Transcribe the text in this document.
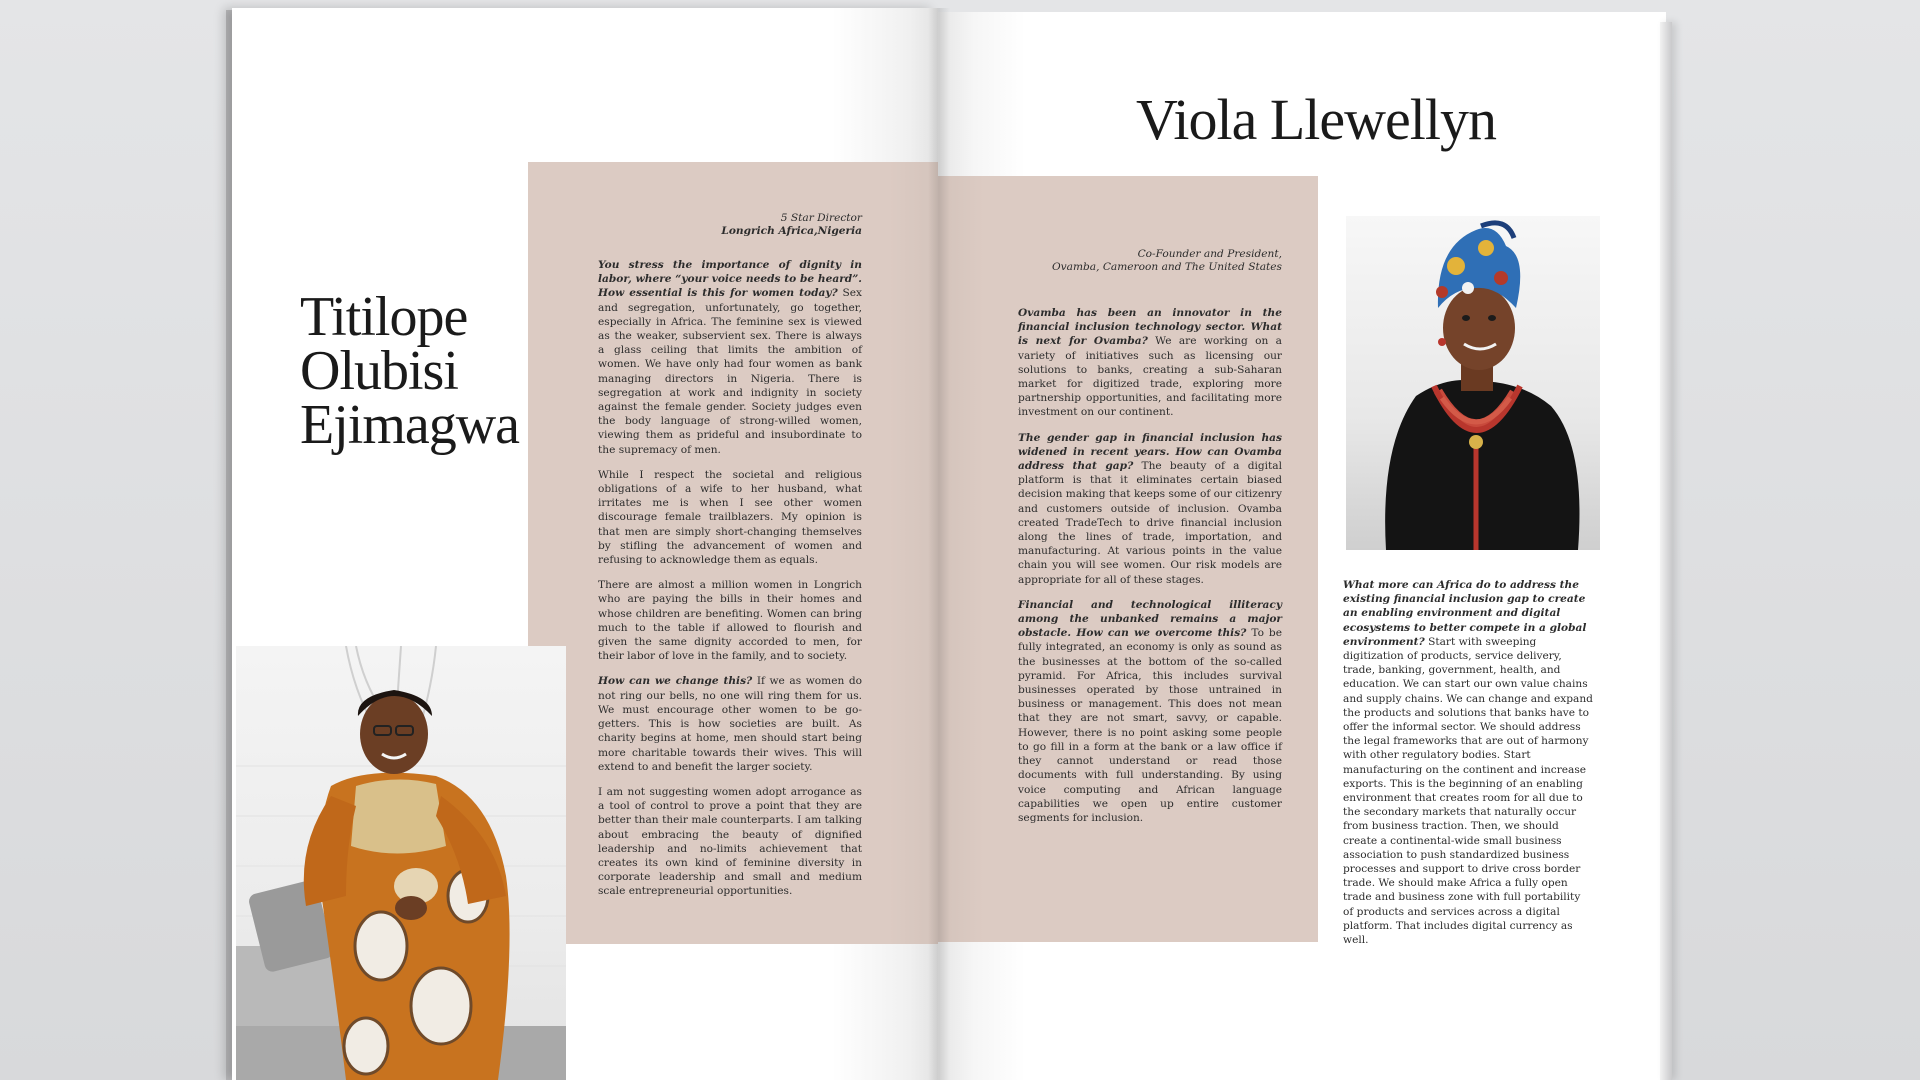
Titilope
Olubisi
Ejimagwa
Viola Llewellyn
5 Star Director
Longrich Africa,Nigeria
Co-Founder and President,
Ovamba, Cameroon and The United States

You stress the importance of dignity in labor, where “your voice needs to be heard”. How essential is this for women today? Sex and segregation, unfortunately, go together, especially in Africa. The feminine sex is viewed as the weaker, subservient sex. There is always a glass ceiling that limits the ambition of women. We have only had four women as bank managing directors in Nigeria. There is segregation at work and indignity in society against the female gender. Society judges even the body language of strong-willed women, viewing them as prideful and insubordinate to the supremacy of men.

While I respect the societal and religious obligations of a wife to her husband, what irritates me is when I see other women discourage female trailblazers. My opinion is that men are simply short-changing themselves by stifling the advancement of women and refusing to acknowledge them as equals.

There are almost a million women in Longrich who are paying the bills in their homes and whose children are benefiting. Women can bring much to the table if allowed to flourish and given the same dignity accorded to men, for their labor of love in the family, and to society.

How can we change this? If we as women do not ring our bells, no one will ring them for us. We must encourage other women to be go-getters. This is how societies are built. As charity begins at home, men should start being more charitable towards their wives. This will extend to and benefit the larger society.

I am not suggesting women adopt arrogance as a tool of control to prove a point that they are better than their male counterparts. I am talking about embracing the beauty of dignified leadership and no-limits achievement that creates its own kind of feminine diversity in corporate leadership and small and medium scale entrepreneurial opportunities.

Ovamba has been an innovator in the financial inclusion technology sector. What is next for Ovamba? We are working on a variety of initiatives such as licensing our solutions to banks, creating a sub-Saharan market for digitized trade, exploring more partnership opportunities, and facilitating more investment on our continent.

The gender gap in financial inclusion has widened in recent years. How can Ovamba address that gap? The beauty of a digital platform is that it eliminates certain biased decision making that keeps some of our citizenry and customers outside of inclusion. Ovamba created TradeTech to drive financial inclusion along the lines of trade, importation, and manufacturing. At various points in the value chain you will see women. Our risk models are appropriate for all of these stages.

Financial and technological illiteracy among the unbanked remains a major obstacle. How can we overcome this? To be fully integrated, an economy is only as sound as the businesses at the bottom of the so-called pyramid. For Africa, this includes survival businesses operated by those untrained in business or management. This does not mean that they are not smart, savvy, or capable. However, there is no point asking some people to go fill in a form at the bank or a law office if they cannot understand or read those documents with full understanding. By using voice computing and African language capabilities we open up entire customer segments for inclusion.

What more can Africa do to address the existing financial inclusion gap to create an enabling environment and digital ecosystems to better compete in a global environment? Start with sweeping digitization of products, service delivery, trade, banking, government, health, and education. We can start our own value chains and supply chains. We can change and expand the products and solutions that banks have to offer the informal sector. We should address the legal frameworks that are out of harmony with other regulatory bodies. Start manufacturing on the continent and increase exports. This is the beginning of an enabling environment that creates room for all due to the secondary markets that naturally occur from business traction. Then, we should create a continental-wide small business association to push standardized business processes and support to drive cross border trade. We should make Africa a fully open trade and business zone with full portability of products and services across a digital platform. That includes digital currency as well.
